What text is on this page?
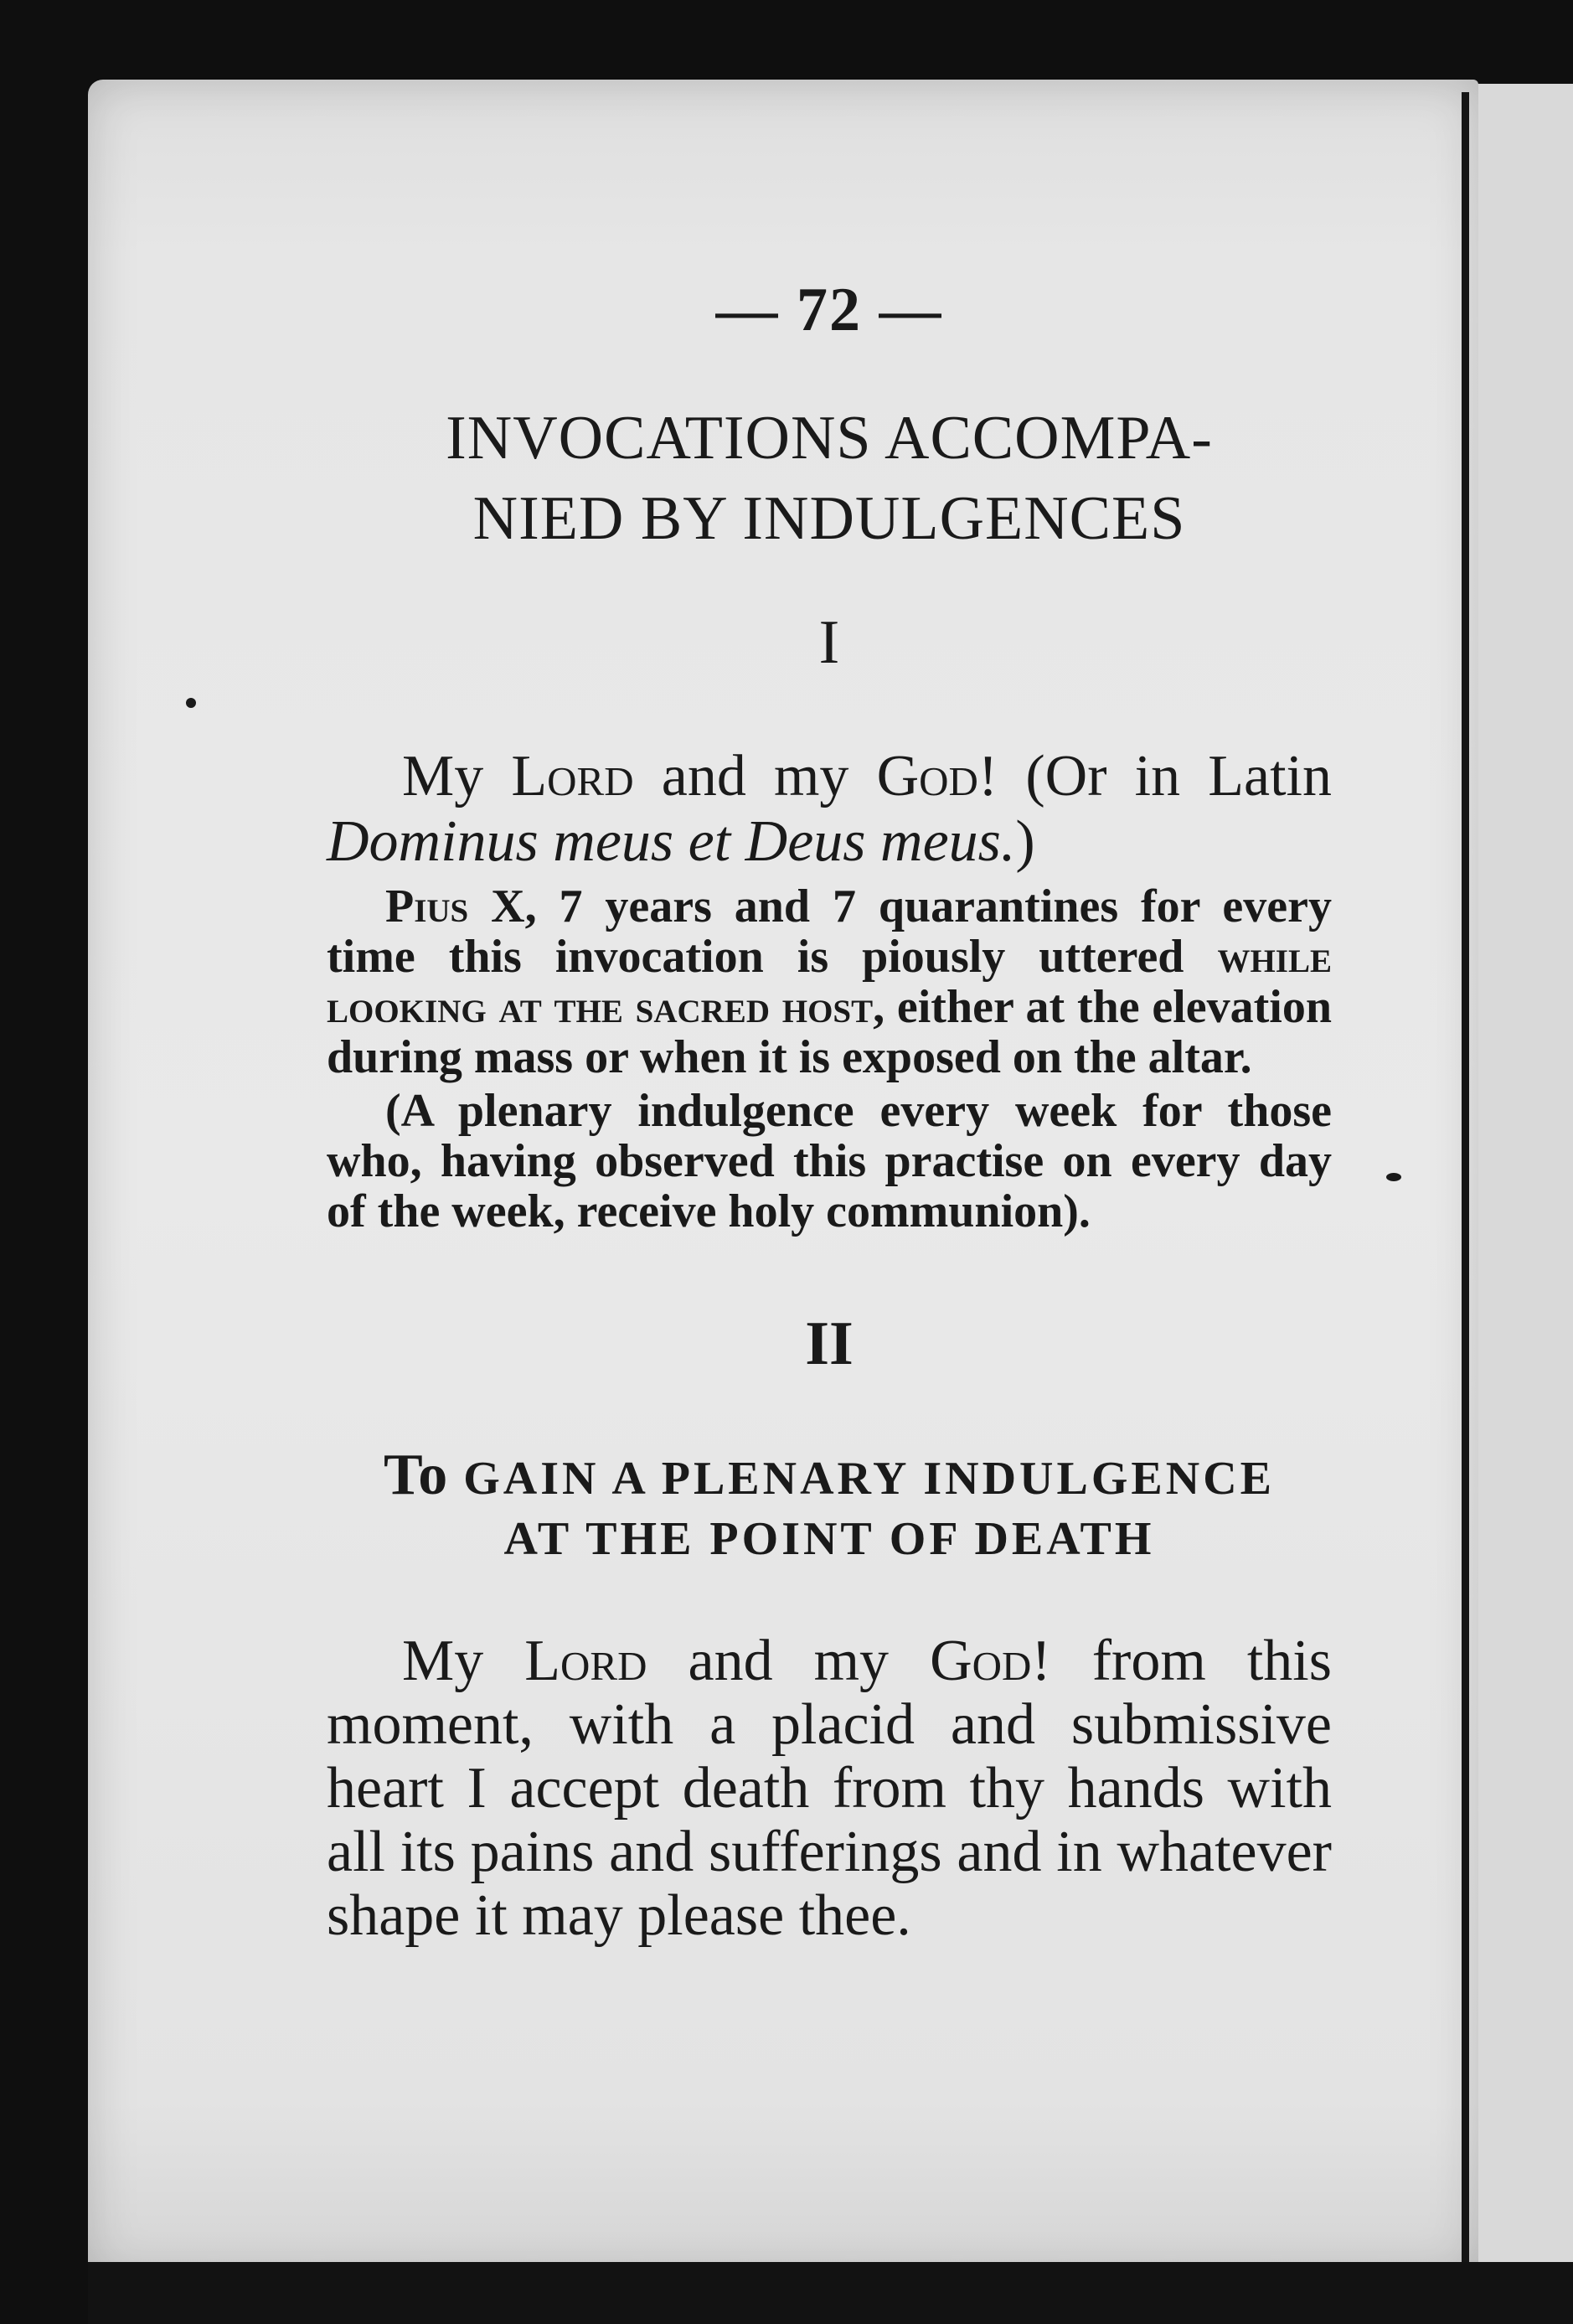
— 72 —
INVOCATIONS ACCOMPA-
NIED BY INDULGENCES
I
My Lord and my God! (Or in Latin Dominus meus et Deus meus.)
Pius X, 7 years and 7 quarantines for every time this invocation is piously uttered while looking at the sacred host, either at the elevation during mass or when it is exposed on the altar.
(A plenary indulgence every week for those who, having observed this practise on every day of the week, receive holy communion).
II
To GAIN A PLENARY INDULGENCE
AT THE POINT OF DEATH
My Lord and my God! from this moment, with a placid and submissive heart I accept death from thy hands with all its pains and sufferings and in whatever shape it may please thee.
